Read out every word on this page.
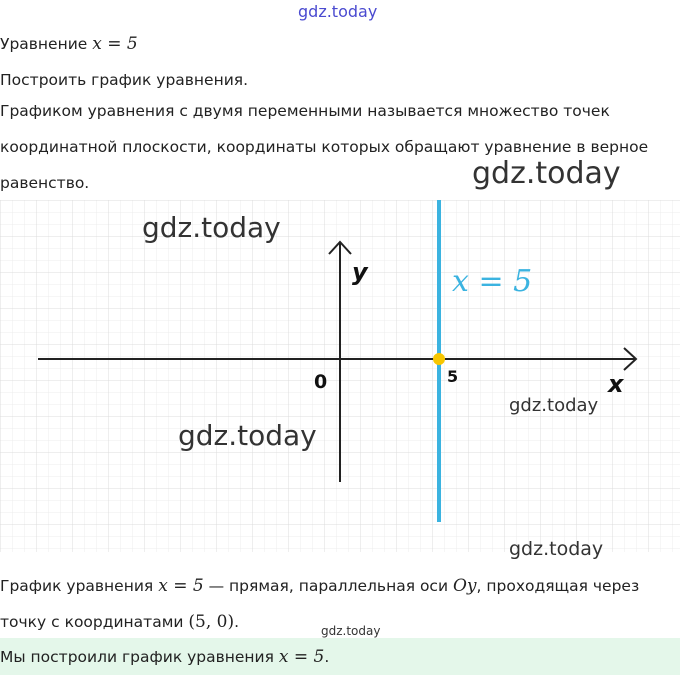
gdz.today
Уравнение x = 5
Построить график уравнения.
Графиком уравнения с двумя переменными называется множество точек
координатной плоскости, координаты которых обращают уравнение в верное
равенство.	gdz.today
y
x
0	5
x = 5
gdz.today
gdz.today
gdz.today
gdz.today
График уравнения x = 5 — прямая, параллельная оси Oy, проходящая через
точку с координатами (5, 0).	gdz.today
Мы построили график уравнения x = 5.
